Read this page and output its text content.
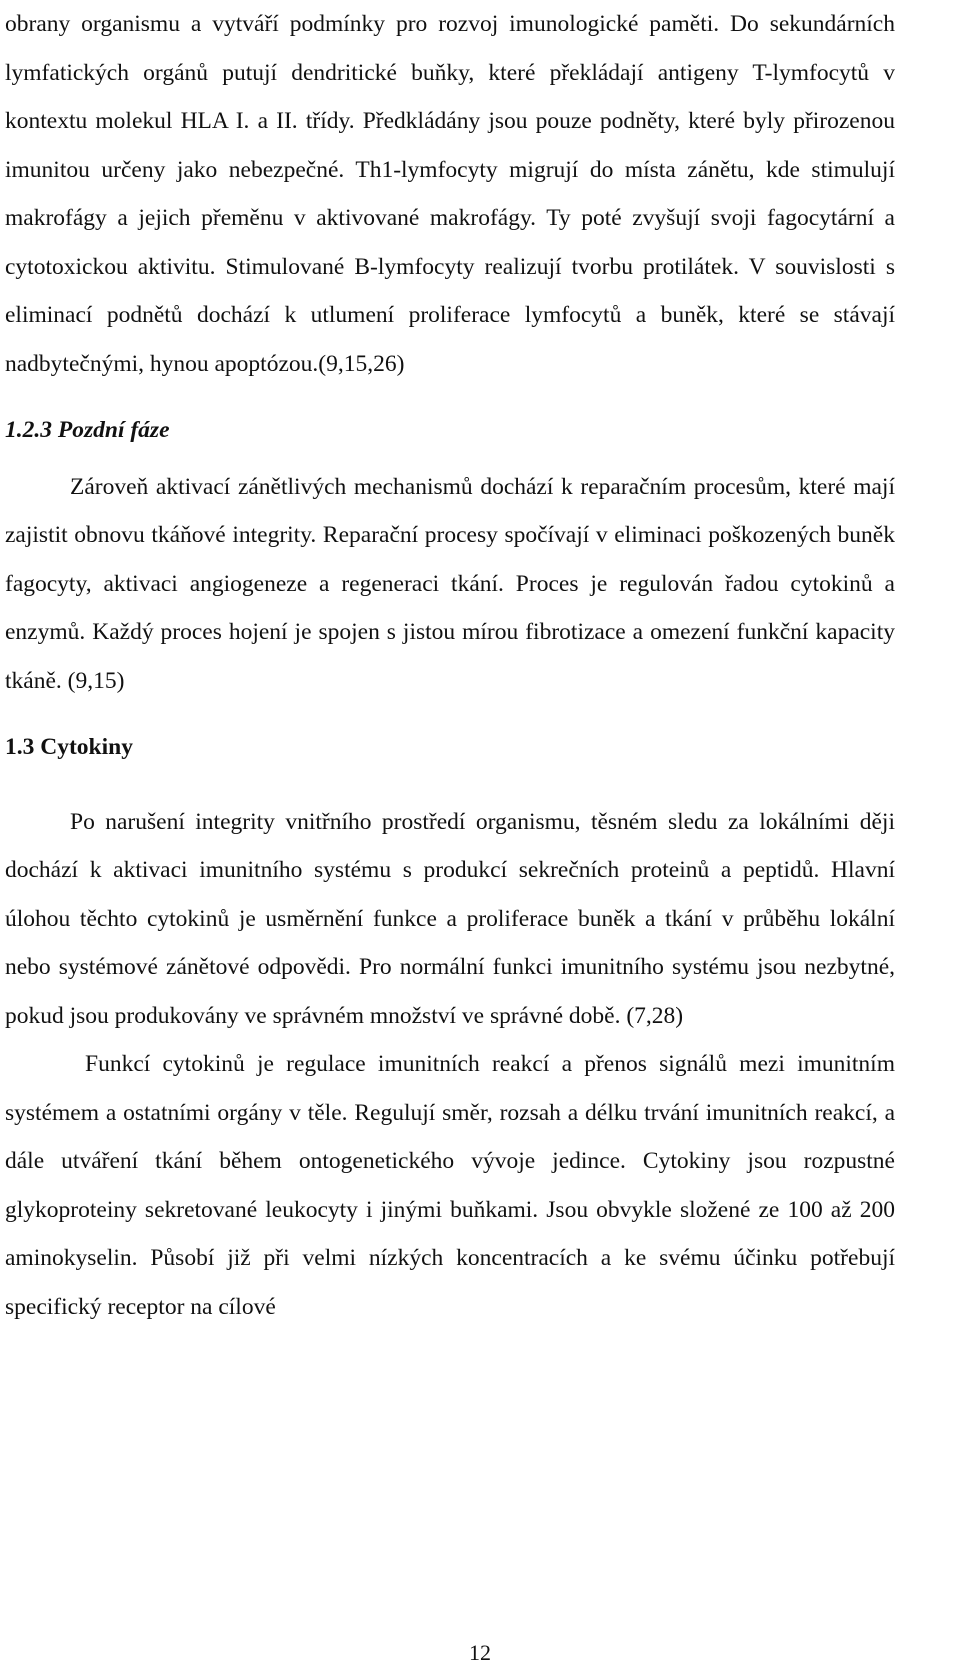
obrany organismu a vytváří podmínky pro rozvoj imunologické paměti. Do sekundárních lymfatických orgánů putují dendritické buňky, které překládají antigeny T-lymfocytů v kontextu molekul HLA I. a II. třídy. Předkládány jsou pouze podněty, které byly přirozenou imunitou určeny jako nebezpečné. Th1-lymfocyty migrují do místa zánětu, kde stimulují makrofágy a jejich přeměnu v aktivované makrofágy. Ty poté zvyšují svoji fagocytární a cytotoxickou aktivitu. Stimulované B-lymfocyty realizují tvorbu protilátek. V souvislosti s eliminací podnětů dochází k utlumení proliferace lymfocytů a buněk, které se stávají nadbytečnými, hynou apoptózou.(9,15,26)

1.2.3 Pozdní fáze

Zároveň aktivací zánětlivých mechanismů dochází k reparačním procesům, které mají zajistit obnovu tkáňové integrity. Reparační procesy spočívají v eliminaci poškozených buněk fagocyty, aktivaci angiogeneze a regeneraci tkání. Proces je regulován řadou cytokinů a enzymů. Každý proces hojení je spojen s jistou mírou fibrotizace a omezení funkční kapacity tkáně. (9,15)

1.3 Cytokiny

Po narušení integrity vnitřního prostředí organismu, těsném sledu za lokálními ději dochází k aktivaci imunitního systému s produkcí sekrečních proteinů a peptidů. Hlavní úlohou těchto cytokinů je usměrnění funkce a proliferace buněk a tkání v průběhu lokální nebo systémové zánětové odpovědi. Pro normální funkci imunitního systému jsou nezbytné, pokud jsou produkovány ve správném množství ve správné době. (7,28)

Funkcí cytokinů je regulace imunitních reakcí a přenos signálů mezi imunitním systémem a ostatními orgány v těle. Regulují směr, rozsah a délku trvání imunitních reakcí, a dále utváření tkání během ontogenetického vývoje jedince. Cytokiny jsou rozpustné glykoproteiny sekretované leukocyty i jinými buňkami. Jsou obvykle složené ze 100 až 200 aminokyselin. Působí již při velmi nízkých koncentracích a ke svému účinku potřebují specifický receptor na cílové

12
